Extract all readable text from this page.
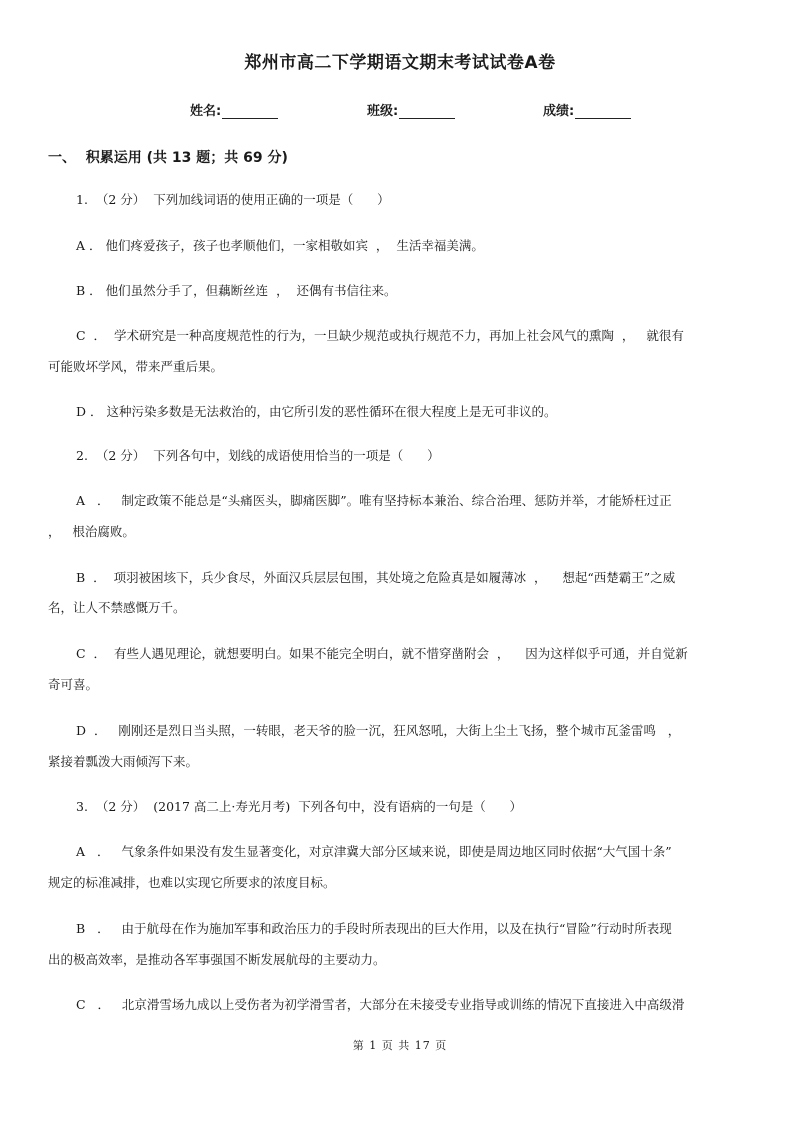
郑州市高二下学期语文期末考试试卷A卷
姓名:	班级:	成绩:
一、  积累运用 (共 13 题；共 69 分)
1.  （2 分）  下列加线词语的使用正确的一项是（      ）
A ． 他们疼爱孩子，孩子也孝顺他们，一家相敬如宾  ，  生活幸福美满。
B ． 他们虽然分手了，但藕断丝连  ，  还偶有书信往来。
C  ．  学术研究是一种高度规范性的行为，一旦缺少规范或执行规范不力，再加上社会风气的熏陶  ，   就很有
可能败坏学风，带来严重后果。
D ． 这种污染多数是无法救治的，由它所引发的恶性循环在很大程度上是无可非议的。
2.  （2 分）  下列各句中，划线的成语使用恰当的一项是（      ）
A   ．   制定政策不能总是“头痛医头，脚痛医脚”。唯有坚持标本兼治、综合治理、惩防并举，才能矫枉过正
，   根治腐败。
B  ．  项羽被困垓下，兵少食尽，外面汉兵层层包围，其处境之危险真是如履薄冰  ，    想起“西楚霸王”之威
名，让人不禁感慨万千。
C  ．  有些人遇见理论，就想要明白。如果不能完全明白，就不惜穿凿附会  ，    因为这样似乎可通，并自觉新
奇可喜。
D  ．   刚刚还是烈日当头照，一转眼，老天爷的脸一沉，狂风怒吼，大街上尘土飞扬，整个城市瓦釜雷鸣   ，
紧接着瓢泼大雨倾泻下来。
3.  （2 分）  (2017 高二上·寿光月考)  下列各句中，没有语病的一句是（      ）
A   ．   气象条件如果没有发生显著变化，对京津冀大部分区域来说，即使是周边地区同时依据“大气国十条”
规定的标准减排，也难以实现它所要求的浓度目标。
B   ．   由于航母在作为施加军事和政治压力的手段时所表现出的巨大作用，以及在执行“冒险”行动时所表现
出的极高效率，是推动各军事强国不断发展航母的主要动力。
C   ．   北京滑雪场九成以上受伤者为初学滑雪者，大部分在未接受专业指导或训练的情况下直接进入中高级滑
第 1 页 共 17 页
